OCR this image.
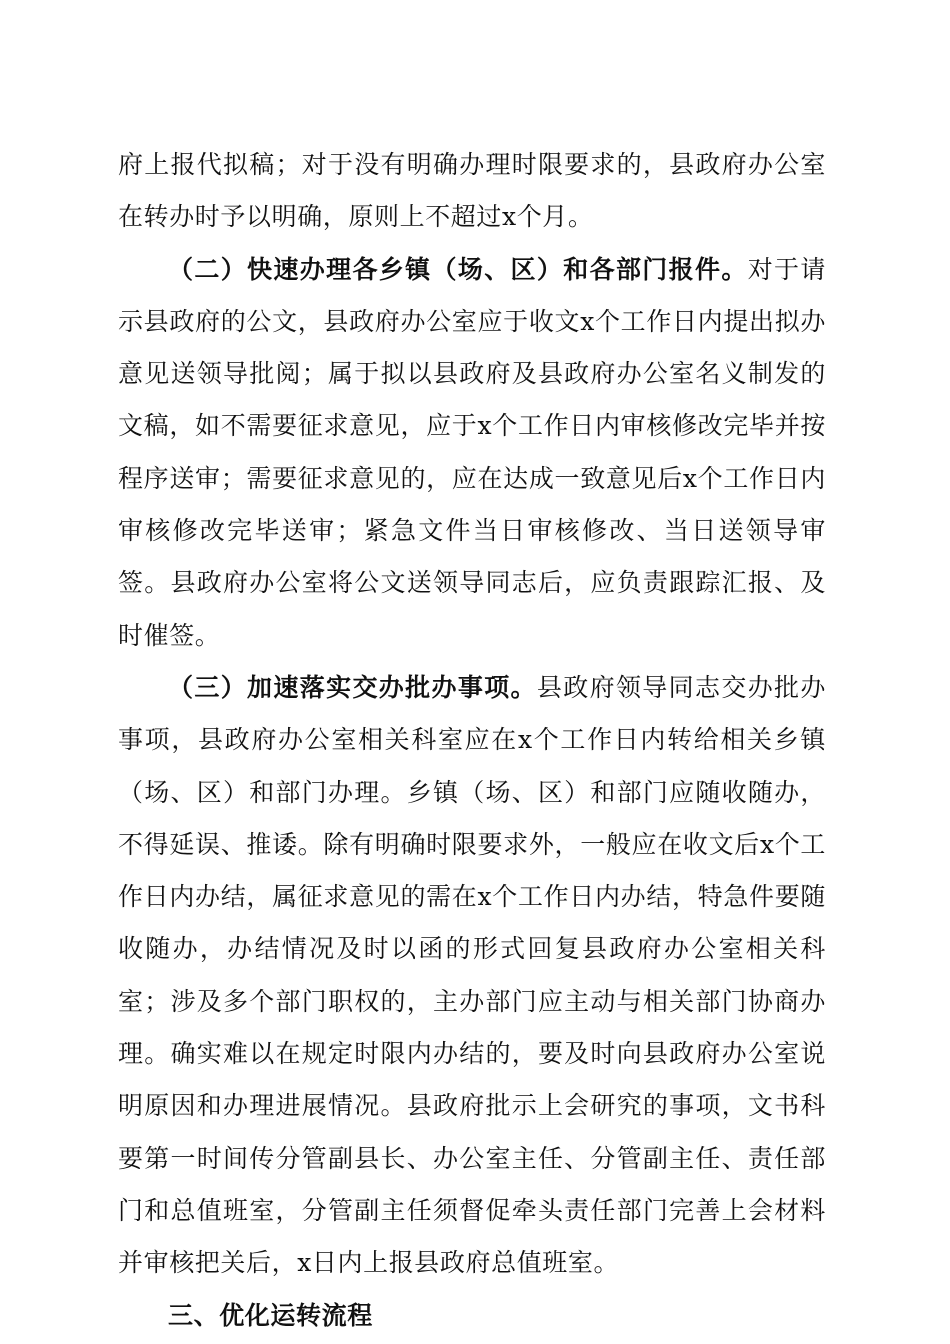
府上报代拟稿；对于没有明确办理时限要求的，县政府办公室在转办时予以明确，原则上不超过x个月。

（二）快速办理各乡镇（场、区）和各部门报件。对于请示县政府的公文，县政府办公室应于收文x个工作日内提出拟办意见送领导批阅；属于拟以县政府及县政府办公室名义制发的文稿，如不需要征求意见，应于x个工作日内审核修改完毕并按程序送审；需要征求意见的，应在达成一致意见后x个工作日内审核修改完毕送审；紧急文件当日审核修改、当日送领导审签。县政府办公室将公文送领导同志后，应负责跟踪汇报、及时催签。

（三）加速落实交办批办事项。县政府领导同志交办批办事项，县政府办公室相关科室应在x个工作日内转给相关乡镇（场、区）和部门办理。乡镇（场、区）和部门应随收随办，不得延误、推诿。除有明确时限要求外，一般应在收文后x个工作日内办结，属征求意见的需在x个工作日内办结，特急件要随收随办，办结情况及时以函的形式回复县政府办公室相关科室；涉及多个部门职权的，主办部门应主动与相关部门协商办理。确实难以在规定时限内办结的，要及时向县政府办公室说明原因和办理进展情况。县政府批示上会研究的事项，文书科要第一时间传分管副县长、办公室主任、分管副主任、责任部门和总值班室，分管副主任须督促牵头责任部门完善上会材料并审核把关后，x日内上报县政府总值班室。

三、优化运转流程
